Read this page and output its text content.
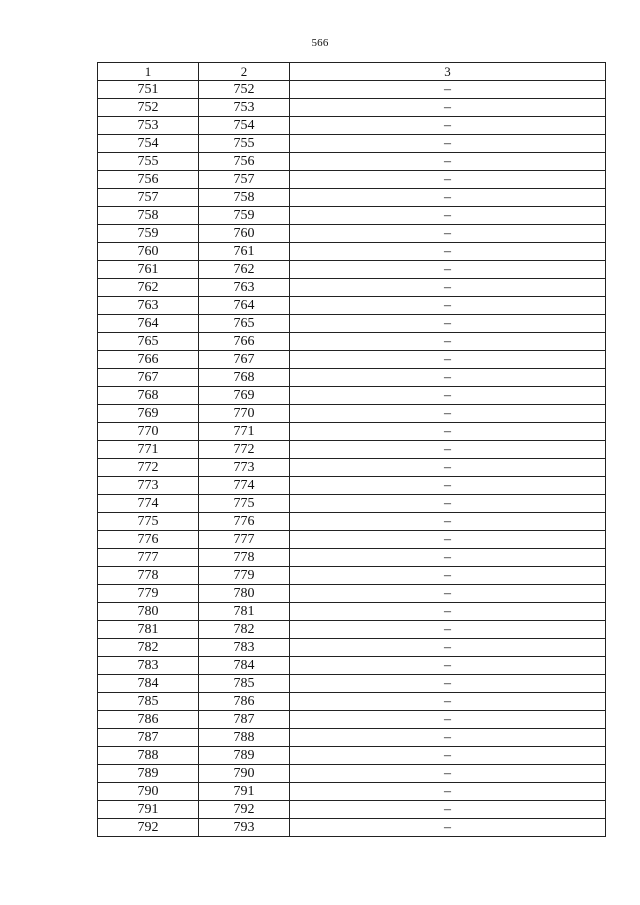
566
1	2	3
751	752	–
752	753	–
753	754	–
754	755	–
755	756	–
756	757	–
757	758	–
758	759	–
759	760	–
760	761	–
761	762	–
762	763	–
763	764	–
764	765	–
765	766	–
766	767	–
767	768	–
768	769	–
769	770	–
770	771	–
771	772	–
772	773	–
773	774	–
774	775	–
775	776	–
776	777	–
777	778	–
778	779	–
779	780	–
780	781	–
781	782	–
782	783	–
783	784	–
784	785	–
785	786	–
786	787	–
787	788	–
788	789	–
789	790	–
790	791	–
791	792	–
792	793	–
